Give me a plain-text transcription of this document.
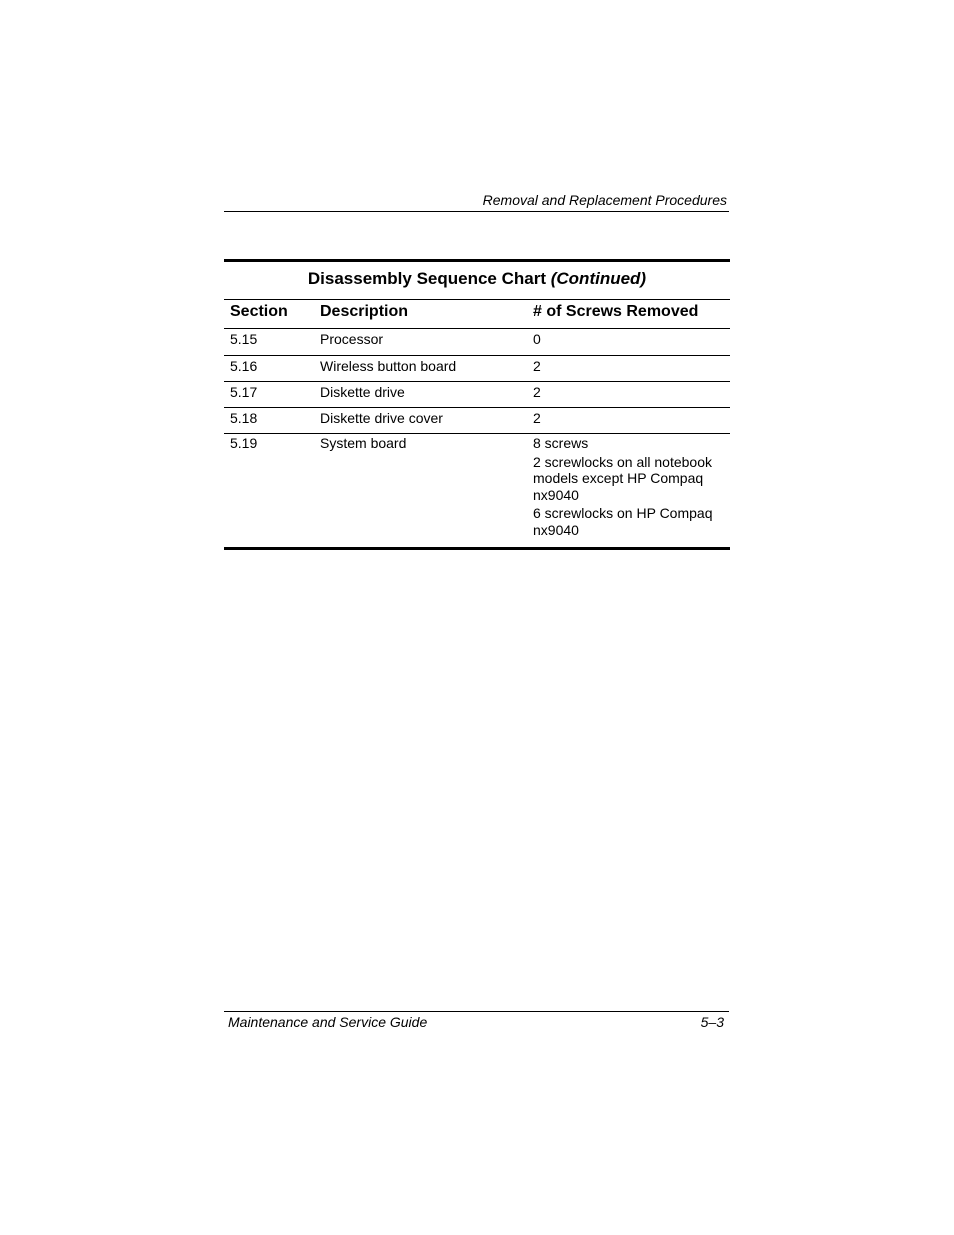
Removal and Replacement Procedures
Disassembly Sequence Chart (Continued)
Section	Description	# of Screws Removed
5.15	Processor	0
5.16	Wireless button board	2
5.17	Diskette drive	2
5.18	Diskette drive cover	2
5.19	System board	8 screws

2 screwlocks on all notebook models except HP Compaq nx9040

6 screwlocks on HP Compaq nx9040

Maintenance and Service Guide	5–3
